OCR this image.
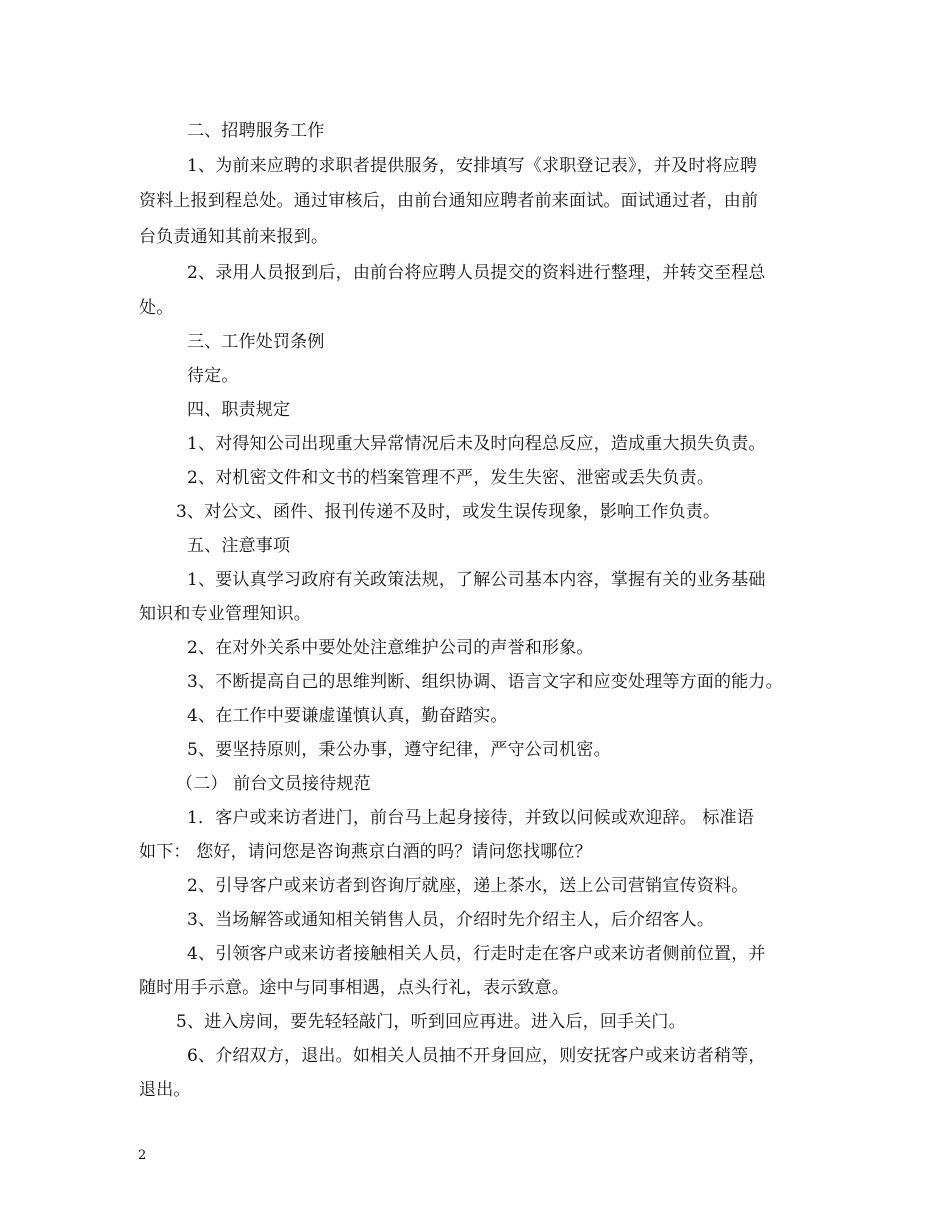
二、招聘服务工作
1、为前来应聘的求职者提供服务，安排填写《求职登记表》，并及时将应聘
资料上报到程总处。通过审核后，由前台通知应聘者前来面试。面试通过者，由前
台负责通知其前来报到。
2、录用人员报到后，由前台将应聘人员提交的资料进行整理，并转交至程总
处。
三、工作处罚条例
待定。
四、职责规定
1、对得知公司出现重大异常情况后未及时向程总反应，造成重大损失负责。
2、对机密文件和文书的档案管理不严，发生失密、泄密或丢失负责。
3、对公文、函件、报刊传递不及时，或发生误传现象，影响工作负责。
五、注意事项
1、要认真学习政府有关政策法规，了解公司基本内容，掌握有关的业务基础
知识和专业管理知识。
2、在对外关系中要处处注意维护公司的声誉和形象。
3、不断提高自己的思维判断、组织协调、语言文字和应变处理等方面的能力。
4、在工作中要谦虚谨慎认真，勤奋踏实。
5、要坚持原则，秉公办事，遵守纪律，严守公司机密。
（二） 前台文员接待规范
1．客户或来访者进门，前台马上起身接待，并致以问候或欢迎辞。 标准语
如下： 您好，请问您是咨询燕京白酒的吗？请问您找哪位？
2、引导客户或来访者到咨询厅就座，递上茶水，送上公司营销宣传资料。
3、当场解答或通知相关销售人员，介绍时先介绍主人，后介绍客人。
4、引领客户或来访者接触相关人员，行走时走在客户或来访者侧前位置，并
随时用手示意。途中与同事相遇，点头行礼，表示致意。
5、进入房间，要先轻轻敲门，听到回应再进。进入后，回手关门。
6、介绍双方，退出。如相关人员抽不开身回应，则安抚客户或来访者稍等，
退出。
2
